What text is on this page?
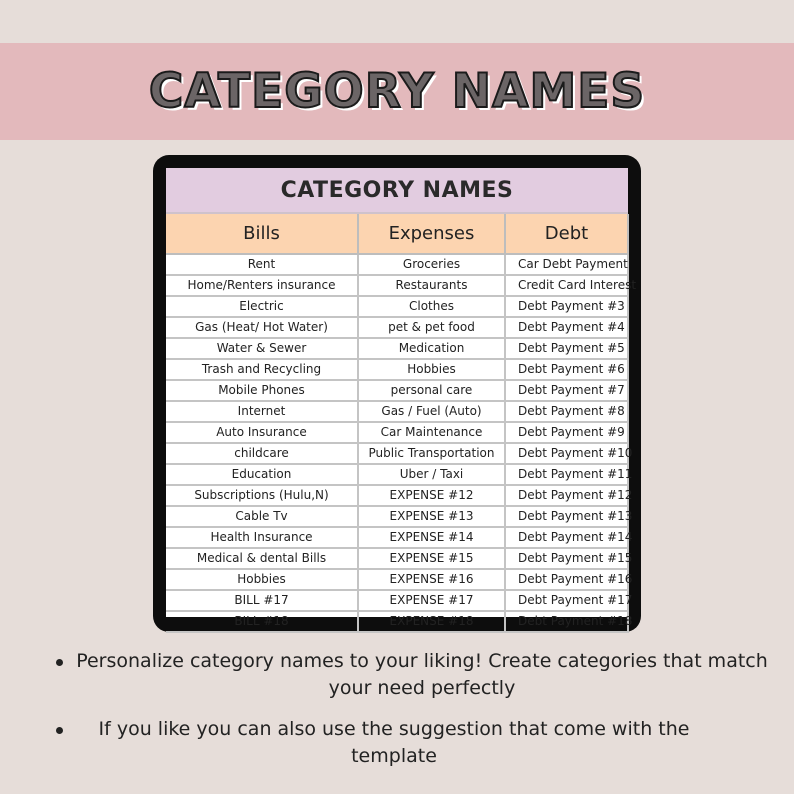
CATEGORY NAMES
CATEGORY NAMES
Bills	Expenses	Debt
Rent	Groceries	Car Debt Payment
Home/Renters insurance	Restaurants	Credit Card Interest
Electric	Clothes	Debt Payment #3
Gas (Heat/ Hot Water)	pet & pet food	Debt Payment #4
Water & Sewer	Medication	Debt Payment #5
Trash and Recycling	Hobbies	Debt Payment #6
Mobile Phones	personal care	Debt Payment #7
Internet	Gas / Fuel (Auto)	Debt Payment #8
Auto Insurance	Car Maintenance	Debt Payment #9
childcare	Public Transportation	Debt Payment #10
Education	Uber / Taxi	Debt Payment #11
Subscriptions (Hulu,N)	EXPENSE #12	Debt Payment #12
Cable Tv	EXPENSE #13	Debt Payment #13
Health Insurance	EXPENSE #14	Debt Payment #14
Medical & dental Bills	EXPENSE #15	Debt Payment #15
Hobbies	EXPENSE #16	Debt Payment #16
BILL #17	EXPENSE #17	Debt Payment #17
BILL #18	EXPENSE #18	Debt Payment #18
Personalize category names to your liking! Create categories that match your need perfectly
If you like you can also use the suggestion that come with the template
